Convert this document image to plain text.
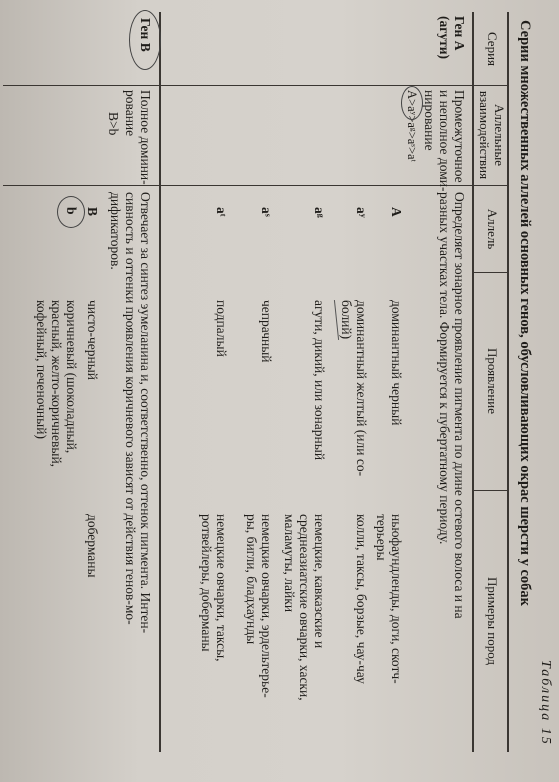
Таблица 15
Серии множественных аллелей основных генов, обусловливающих окрас шерсти у собак
Серия
Аллельные
взаимодействия
Аллель
Проявление
Примеры пород
Ген А
(агути)
Промежуточное
и неполное доми-
нирование
A>aʸ>aᵍ>aˢ>aᵗ
Определяет зонарное проявление пигмента по длине остевого волоса и на
разных участках тела. Формируется к пубертатному периоду.
A
доминантный черный
ньюфаундленды, доги, скотч-
терьеры
aʸ
доминантный желтый (или со-
болий)
колли, таксы, борзые, чау-чау
aᵍ
агути, дикий, или зонарный
немецкие, кавказские и
среднеазиатские овчарки, хаски,
маламуты, лайки
aˢ
чепрачный
немецкие овчарки, эрдельтерье-
ры, бигли, бладхаунды
aᵗ
подпалый
немецкие овчарки, таксы,
ротвейлеры, доберманы
Ген В
Полное домини-
рование
B>b
Отвечает за синтез эумеланина и, соответственно, оттенок пигмента. Интен-
сивность и оттенки проявления коричневого зависят от действия генов-мо-
дификаторов.
B
чисто-черный
доберманы
b
коричневый (шоколадный,
красный, желто-коричневый,
кофейный, печеночный)
